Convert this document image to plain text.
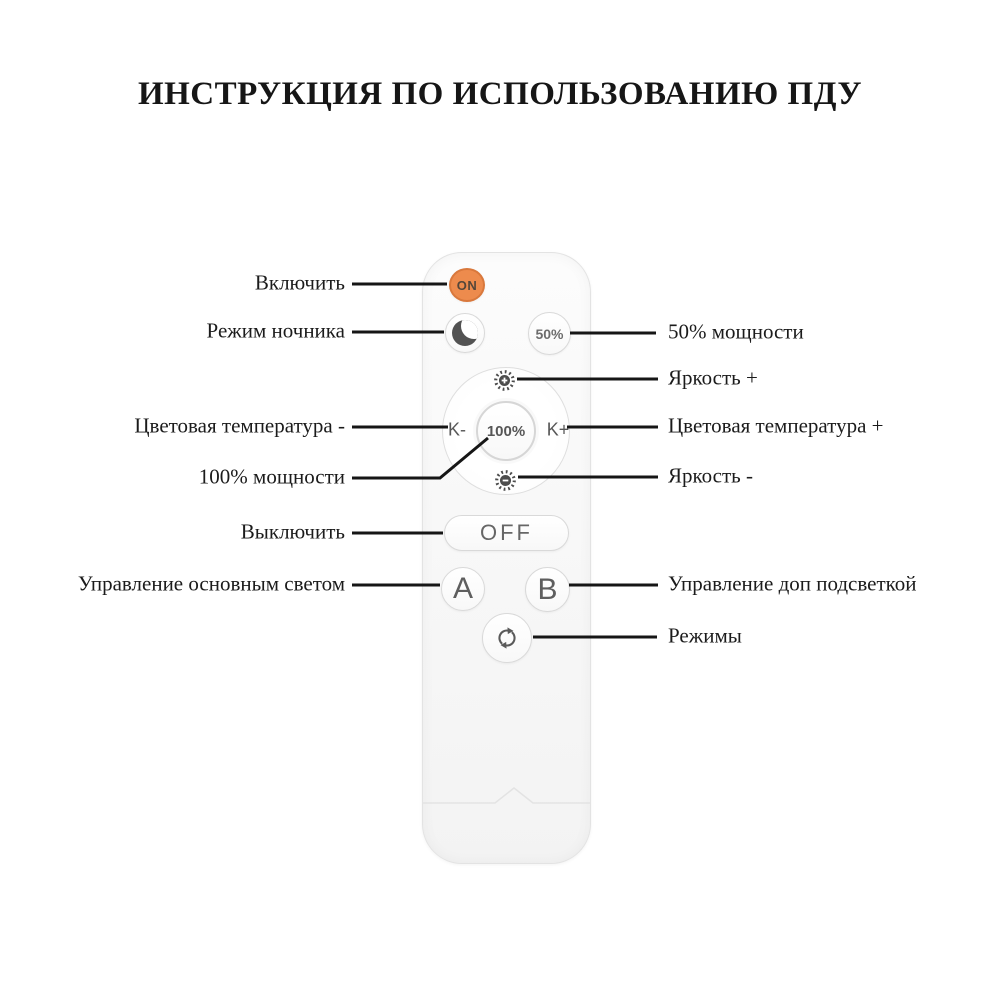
ИНСТРУКЦИЯ ПО ИСПОЛЬЗОВАНИЮ ПДУ
ON
50%
K-	100%	K+
OFF
A	B
Включить
Режим ночника
Цветовая температура -
100% мощности
Выключить
Управление основным светом
50% мощности
Яркость +
Цветовая температура +
Яркость -
Управление доп подсветкой
Режимы
